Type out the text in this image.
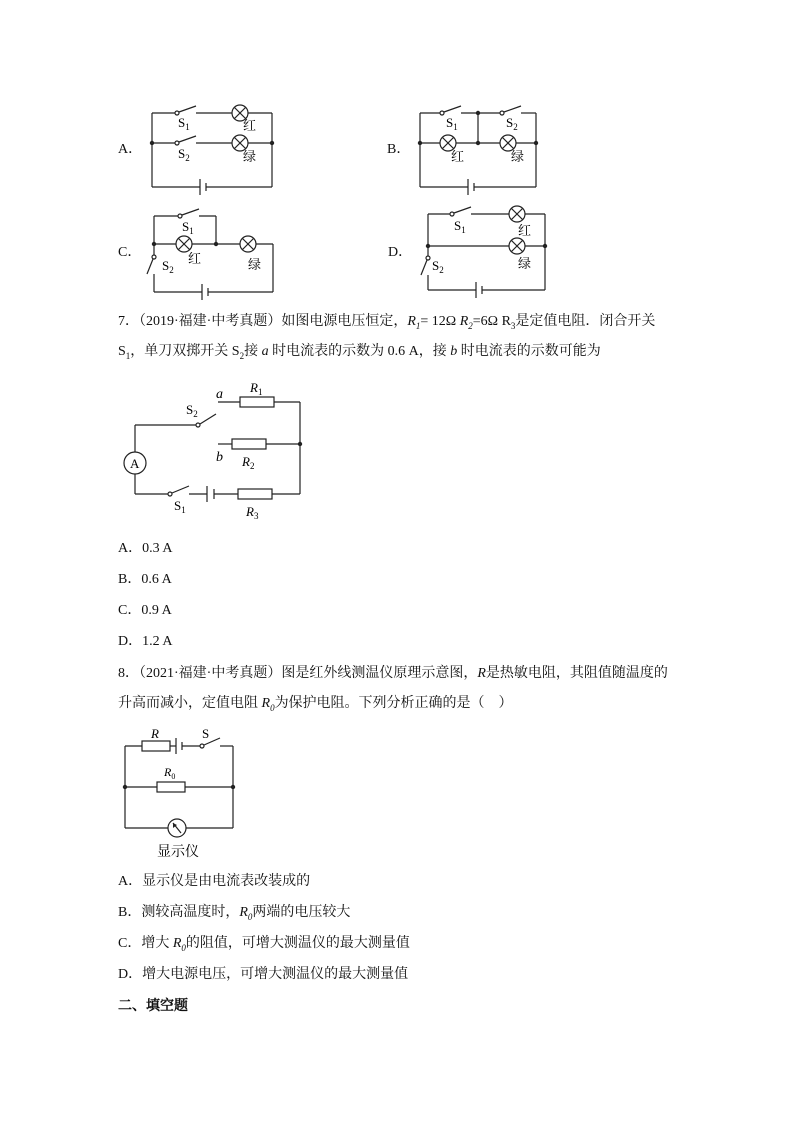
A．
$S_1$
$S_2$
红
绿	B．
$S_1$	$S_2$
红	绿
C．
$S_1$
$S_2$
红	绿
D．
$S_1$
$S_2$
红
绿
7．（2019·福建·中考真题）如图电源电压恒定，$R_1= 12\Omega$ $R_2=6\Omega$ $R_3$是定值电阻．闭合开关
$S_1$，单刀双掷开关 $S_2$接 a 时电流表的示数为 0.6 A，接 b 时电流表的示数可能为
A
a
b
$R_1$
$R_2$
$R_3$
$S_2$
$S_1$
A．0.3 A
B．0.6 A
C．0.9 A
D．1.2 A
8．（2021·福建·中考真题）图是红外线测温仪原理示意图，R是热敏电阻，其阻值随温度的
升高而减小，定值电阻 $R_0$为保护电阻。下列分析正确的是（　）
R	S
$R_0$
显示仪
A．显示仪是由电流表改装成的
B．测较高温度时，$R_0$两端的电压较大
C．增大 $R_0$的阻值，可增大测温仪的最大测量值
D．增大电源电压，可增大测温仪的最大测量值
二、填空题
